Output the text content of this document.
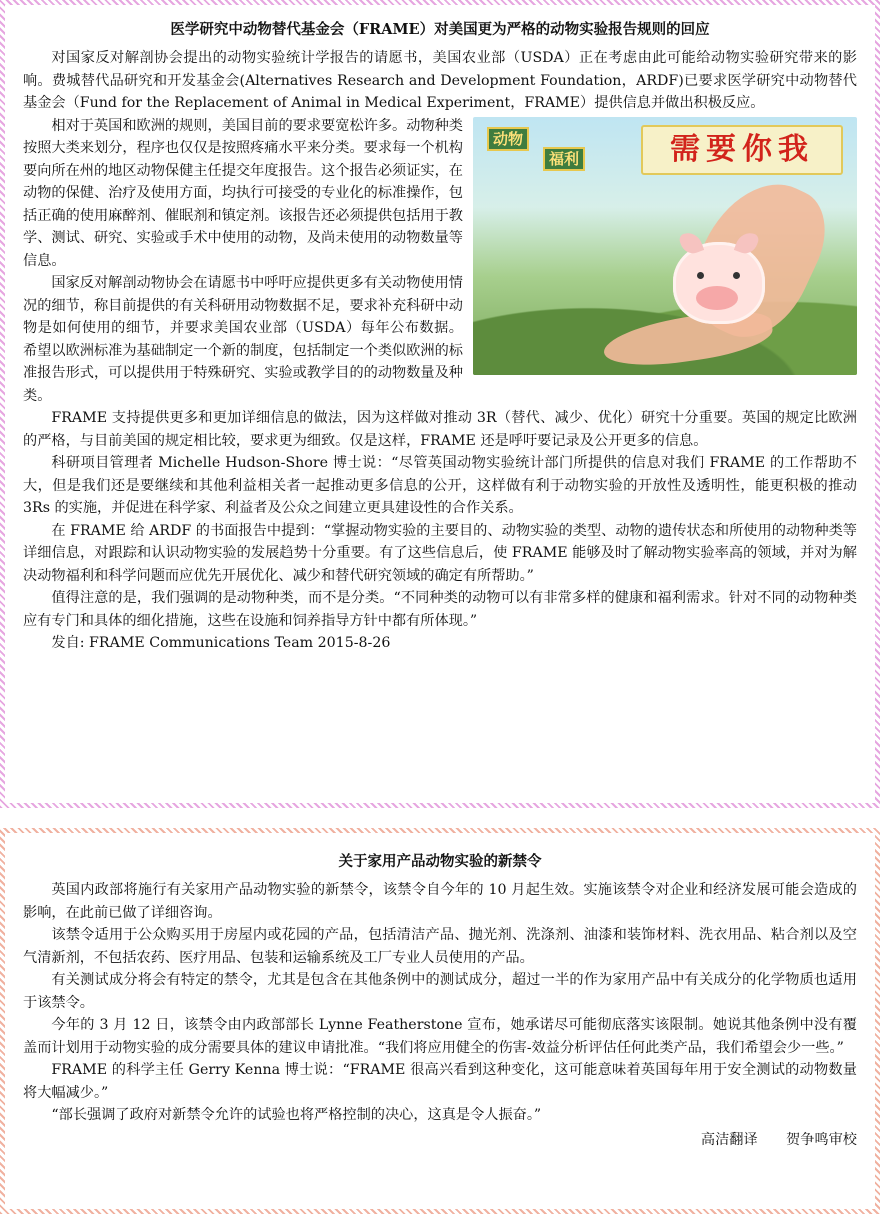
医学研究中动物替代基金会（FRAME）对美国更为严格的动物实验报告规则的回应

对国家反对解剖协会提出的动物实验统计学报告的请愿书，美国农业部（USDA）正在考虑由此可能给动物实验研究带来的影响。费城替代品研究和开发基金会(Alternatives Research and Development Foundation，ARDF)已要求医学研究中动物替代基金会（Fund for the Replacement of Animal in Medical Experiment，FRAME）提供信息并做出积极反应。

动物
福利	需要你我

相对于英国和欧洲的规则，美国目前的要求要宽松许多。动物种类按照大类来划分，程序也仅仅是按照疼痛水平来分类。要求每一个机构要向所在州的地区动物保健主任提交年度报告。这个报告必须证实，在动物的保健、治疗及使用方面，均执行可接受的专业化的标准操作，包括正确的使用麻醉剂、催眠剂和镇定剂。该报告还必须提供包括用于教学、测试、研究、实验或手术中使用的动物，及尚未使用的动物数量等信息。

国家反对解剖动物协会在请愿书中呼吁应提供更多有关动物使用情况的细节，称目前提供的有关科研用动物数据不足，要求补充科研中动物是如何使用的细节，并要求美国农业部（USDA）每年公布数据。希望以欧洲标准为基础制定一个新的制度，包括制定一个类似欧洲的标准报告形式，可以提供用于特殊研究、实验或教学目的的动物数量及种类。

FRAME 支持提供更多和更加详细信息的做法，因为这样做对推动 3R（替代、减少、优化）研究十分重要。英国的规定比欧洲的严格，与目前美国的规定相比较，要求更为细致。仅是这样，FRAME 还是呼吁要记录及公开更多的信息。

科研项目管理者 Michelle Hudson-Shore 博士说：“尽管英国动物实验统计部门所提供的信息对我们 FRAME 的工作帮助不大，但是我们还是要继续和其他利益相关者一起推动更多信息的公开，这样做有利于动物实验的开放性及透明性，能更积极的推动 3Rs 的实施，并促进在科学家、利益者及公众之间建立更具建设性的合作关系。

在 FRAME 给 ARDF 的书面报告中提到：“掌握动物实验的主要目的、动物实验的类型、动物的遗传状态和所使用的动物种类等详细信息，对跟踪和认识动物实验的发展趋势十分重要。有了这些信息后，使 FRAME 能够及时了解动物实验率高的领域，并对为解决动物福利和科学问题而应优先开展优化、减少和替代研究领域的确定有所帮助。”

值得注意的是，我们强调的是动物种类，而不是分类。“不同种类的动物可以有非常多样的健康和福利需求。针对不同的动物种类应有专门和具体的细化措施，这些在设施和饲养指导方针中都有所体现。”

发自: FRAME Communications Team 2015-8-26

关于家用产品动物实验的新禁令

英国内政部将施行有关家用产品动物实验的新禁令，该禁令自今年的 10 月起生效。实施该禁令对企业和经济发展可能会造成的影响，在此前已做了详细咨询。

该禁令适用于公众购买用于房屋内或花园的产品，包括清洁产品、抛光剂、洗涤剂、油漆和装饰材料、洗衣用品、粘合剂以及空气清新剂，不包括农药、医疗用品、包装和运输系统及工厂专业人员使用的产品。

有关测试成分将会有特定的禁令，尤其是包含在其他条例中的测试成分，超过一半的作为家用产品中有关成分的化学物质也适用于该禁令。

今年的 3 月 12 日，该禁令由内政部部长 Lynne Featherstone 宣布，她承诺尽可能彻底落实该限制。她说其他条例中没有覆盖而计划用于动物实验的成分需要具体的建议申请批准。“我们将应用健全的伤害-效益分析评估任何此类产品，我们希望会少一些。”

FRAME 的科学主任 Gerry Kenna 博士说：“FRAME 很高兴看到这种变化，这可能意味着英国每年用于安全测试的动物数量将大幅减少。”

“部长强调了政府对新禁令允许的试验也将严格控制的决心，这真是令人振奋。”

高洁翻译　　贺争鸣审校
